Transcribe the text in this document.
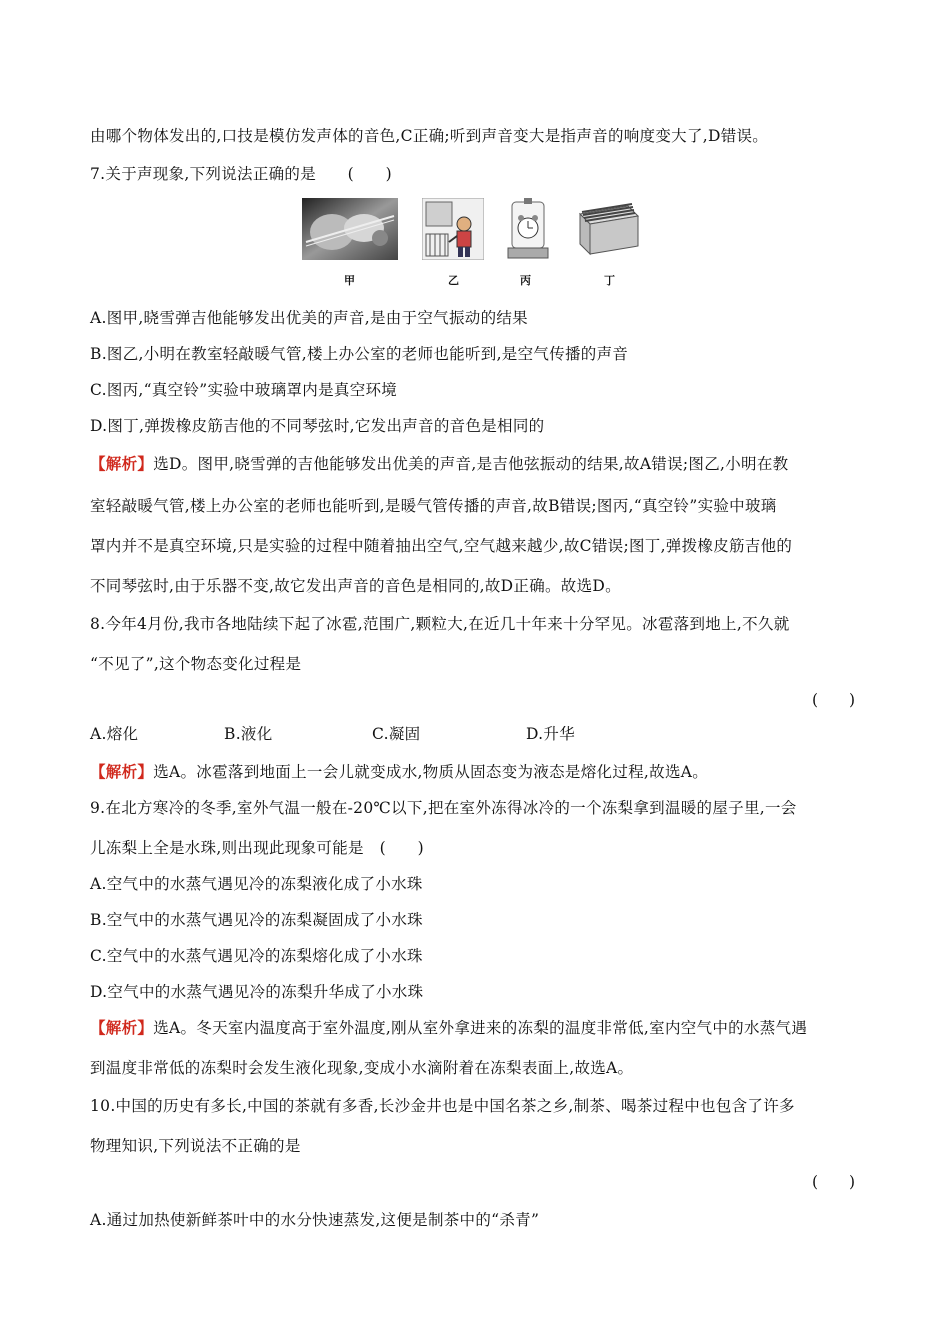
由哪个物体发出的,口技是模仿发声体的音色,C正确;听到声音变大是指声音的响度变大了,D错误。
7.关于声现象,下列说法正确的是　　(　　)
甲	乙	丙	丁
A.图甲,晓雪弹吉他能够发出优美的声音,是由于空气振动的结果
B.图乙,小明在教室轻敲暖气管,楼上办公室的老师也能听到,是空气传播的声音
C.图丙,“真空铃”实验中玻璃罩内是真空环境
D.图丁,弹拨橡皮筋吉他的不同琴弦时,它发出声音的音色是相同的
【解析】选D。图甲,晓雪弹的吉他能够发出优美的声音,是吉他弦振动的结果,故A错误;图乙,小明在教
室轻敲暖气管,楼上办公室的老师也能听到,是暖气管传播的声音,故B错误;图丙,“真空铃”实验中玻璃
罩内并不是真空环境,只是实验的过程中随着抽出空气,空气越来越少,故C错误;图丁,弹拨橡皮筋吉他的
不同琴弦时,由于乐器不变,故它发出声音的音色是相同的,故D正确。故选D。
8.今年4月份,我市各地陆续下起了冰雹,范围广,颗粒大,在近几十年来十分罕见。冰雹落到地上,不久就
“不见了”,这个物态变化过程是
(　　)
A.熔化	B.液化	C.凝固	D.升华
【解析】选A。冰雹落到地面上一会儿就变成水,物质从固态变为液态是熔化过程,故选A。
9.在北方寒冷的冬季,室外气温一般在-20℃以下,把在室外冻得冰冷的一个冻梨拿到温暖的屋子里,一会
儿冻梨上全是水珠,则出现此现象可能是　(　　)
A.空气中的水蒸气遇见冷的冻梨液化成了小水珠
B.空气中的水蒸气遇见冷的冻梨凝固成了小水珠
C.空气中的水蒸气遇见冷的冻梨熔化成了小水珠
D.空气中的水蒸气遇见冷的冻梨升华成了小水珠
【解析】选A。冬天室内温度高于室外温度,刚从室外拿进来的冻梨的温度非常低,室内空气中的水蒸气遇
到温度非常低的冻梨时会发生液化现象,变成小水滴附着在冻梨表面上,故选A。
10.中国的历史有多长,中国的茶就有多香,长沙金井也是中国名茶之乡,制茶、喝茶过程中也包含了许多
物理知识,下列说法不正确的是
(　　)
A.通过加热使新鲜茶叶中的水分快速蒸发,这便是制茶中的“杀青”
